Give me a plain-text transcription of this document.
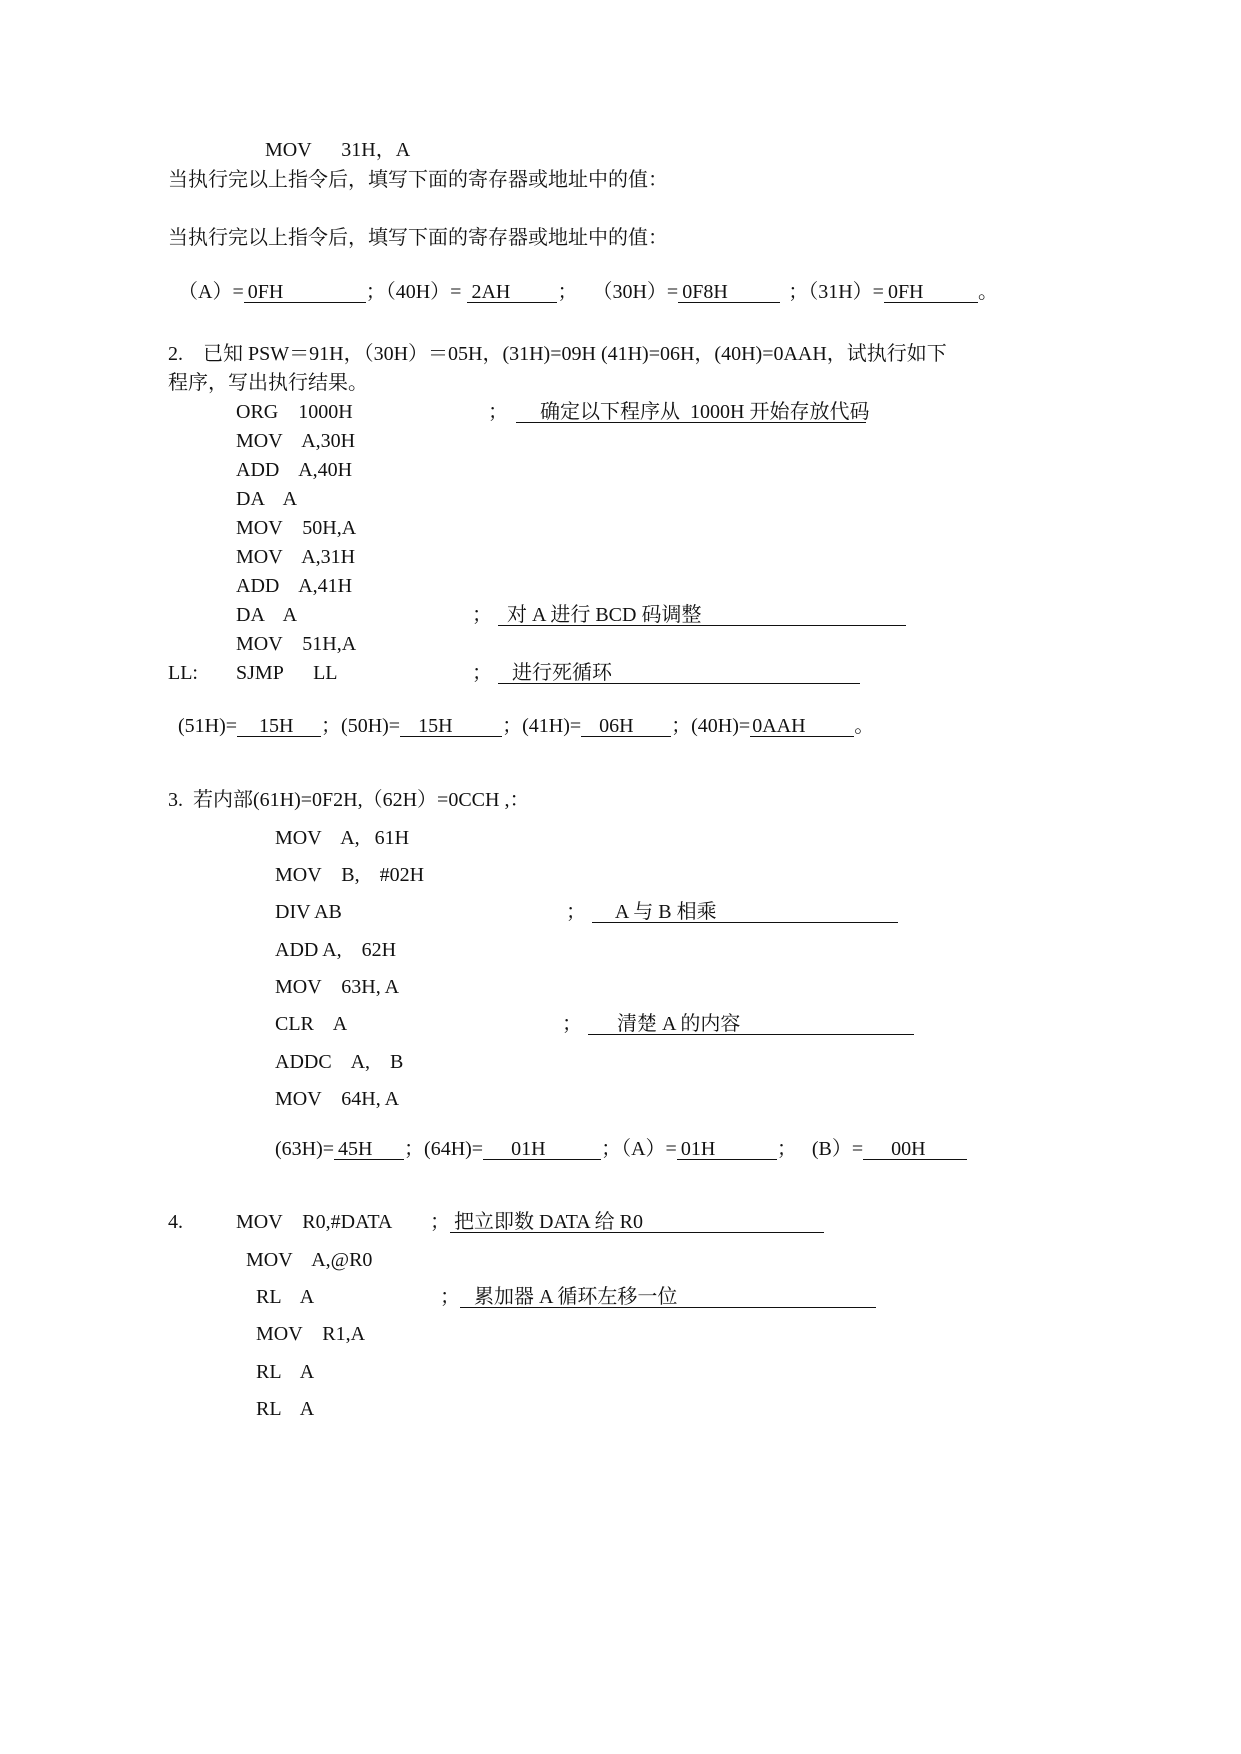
MOV      31H，A
当执行完以上指令后，填写下面的寄存器或地址中的值：
当执行完以上指令后，填写下面的寄存器或地址中的值：

（A）= 0FH	；（40H）= 2AH ；   （30H）= 0F8H	；（31H）= 0FH	。

2.    已知 PSW＝91H，（30H）＝05H，(31H)=09H (41H)=06H，(40H)=0AAH，试执行如下
程序，写出执行结果。
ORG    1000H	；    确定以下程序从  1000H 开始存放代码
MOV    A,30H
ADD    A,40H
DA    A
MOV    50H,A
MOV    A,31H
ADD    A,41H
DA    A	； 对 A 进行 BCD 码调整
MOV    51H,A
LL: SJMP      LL	；  进行死循环

(51H)= 15H ；(50H)= 15H ；(41H)= 06H ；(40H)= 0AAH 。

3.  若内部(61H)=0F2H,（62H）=0CCH ,：
MOV    A,   61H
MOV    B,    #02H
DIV AB	；    A 与 B 相乘
ADD A,    62H
MOV    63H, A
CLR    A	；     清楚 A 的内容
ADDC    A,    B
MOV    64H, A

(63H)= 45H ；(64H)= 01H	；（A）= 01H	；   (B）= 00H

4.	MOV    R0,#DATA ； 把立即数 DATA 给 R0
MOV    A,@R0
RL    A	；  累加器 A 循环左移一位
MOV    R1,A
RL    A
RL    A
